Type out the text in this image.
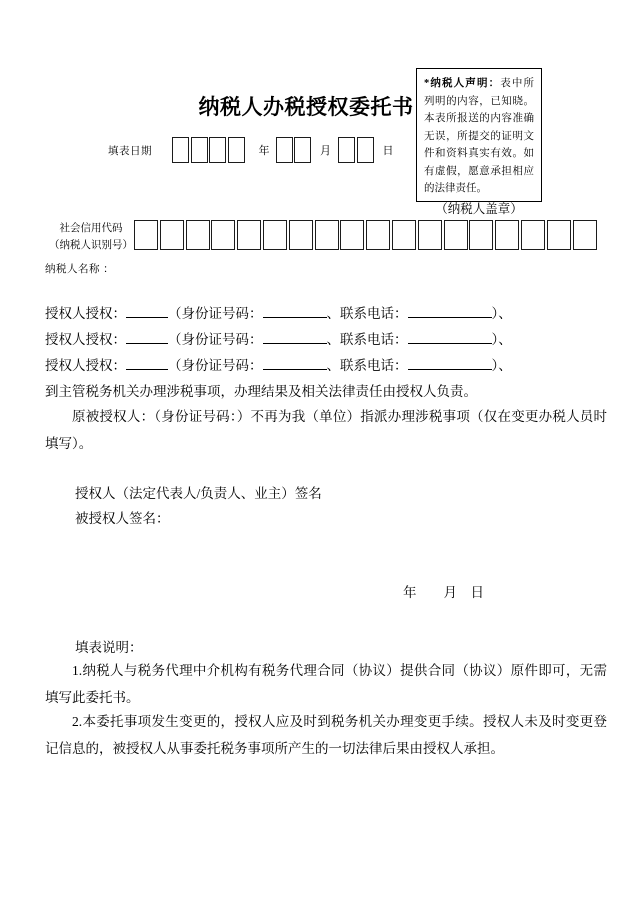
纳税人办税授权委托书
*纳税人声明：表中所列明的内容，已知晓。本表所报送的内容准确无误，所提交的证明文件和资料真实有效。如有虚假，愿意承担相应的法律责任。
（纳税人盖章）
填表日期	年	月	日
社会信用代码
（纳税人识别号）
纳税人名称 ：
授权人授权：	（身份证号码：	、联系电话：	）、
授权人授权：	（身份证号码：	、联系电话：	）、
授权人授权：	（身份证号码：	、联系电话：	）、
到主管税务机关办理涉税事项，办理结果及相关法律责任由授权人负责。
原被授权人：（身份证号码：）不再为我（单位）指派办理涉税事项（仅在变更办税人员时填写）。
授权人（法定代表人/负责人、业主）签名
被授权人签名：
年　　月　日
填表说明：
1.纳税人与税务代理中介机构有税务代理合同（协议）提供合同（协议）原件即可，无需填写此委托书。
2.本委托事项发生变更的，授权人应及时到税务机关办理变更手续。授权人未及时变更登记信息的，被授权人从事委托税务事项所产生的一切法律后果由授权人承担。
